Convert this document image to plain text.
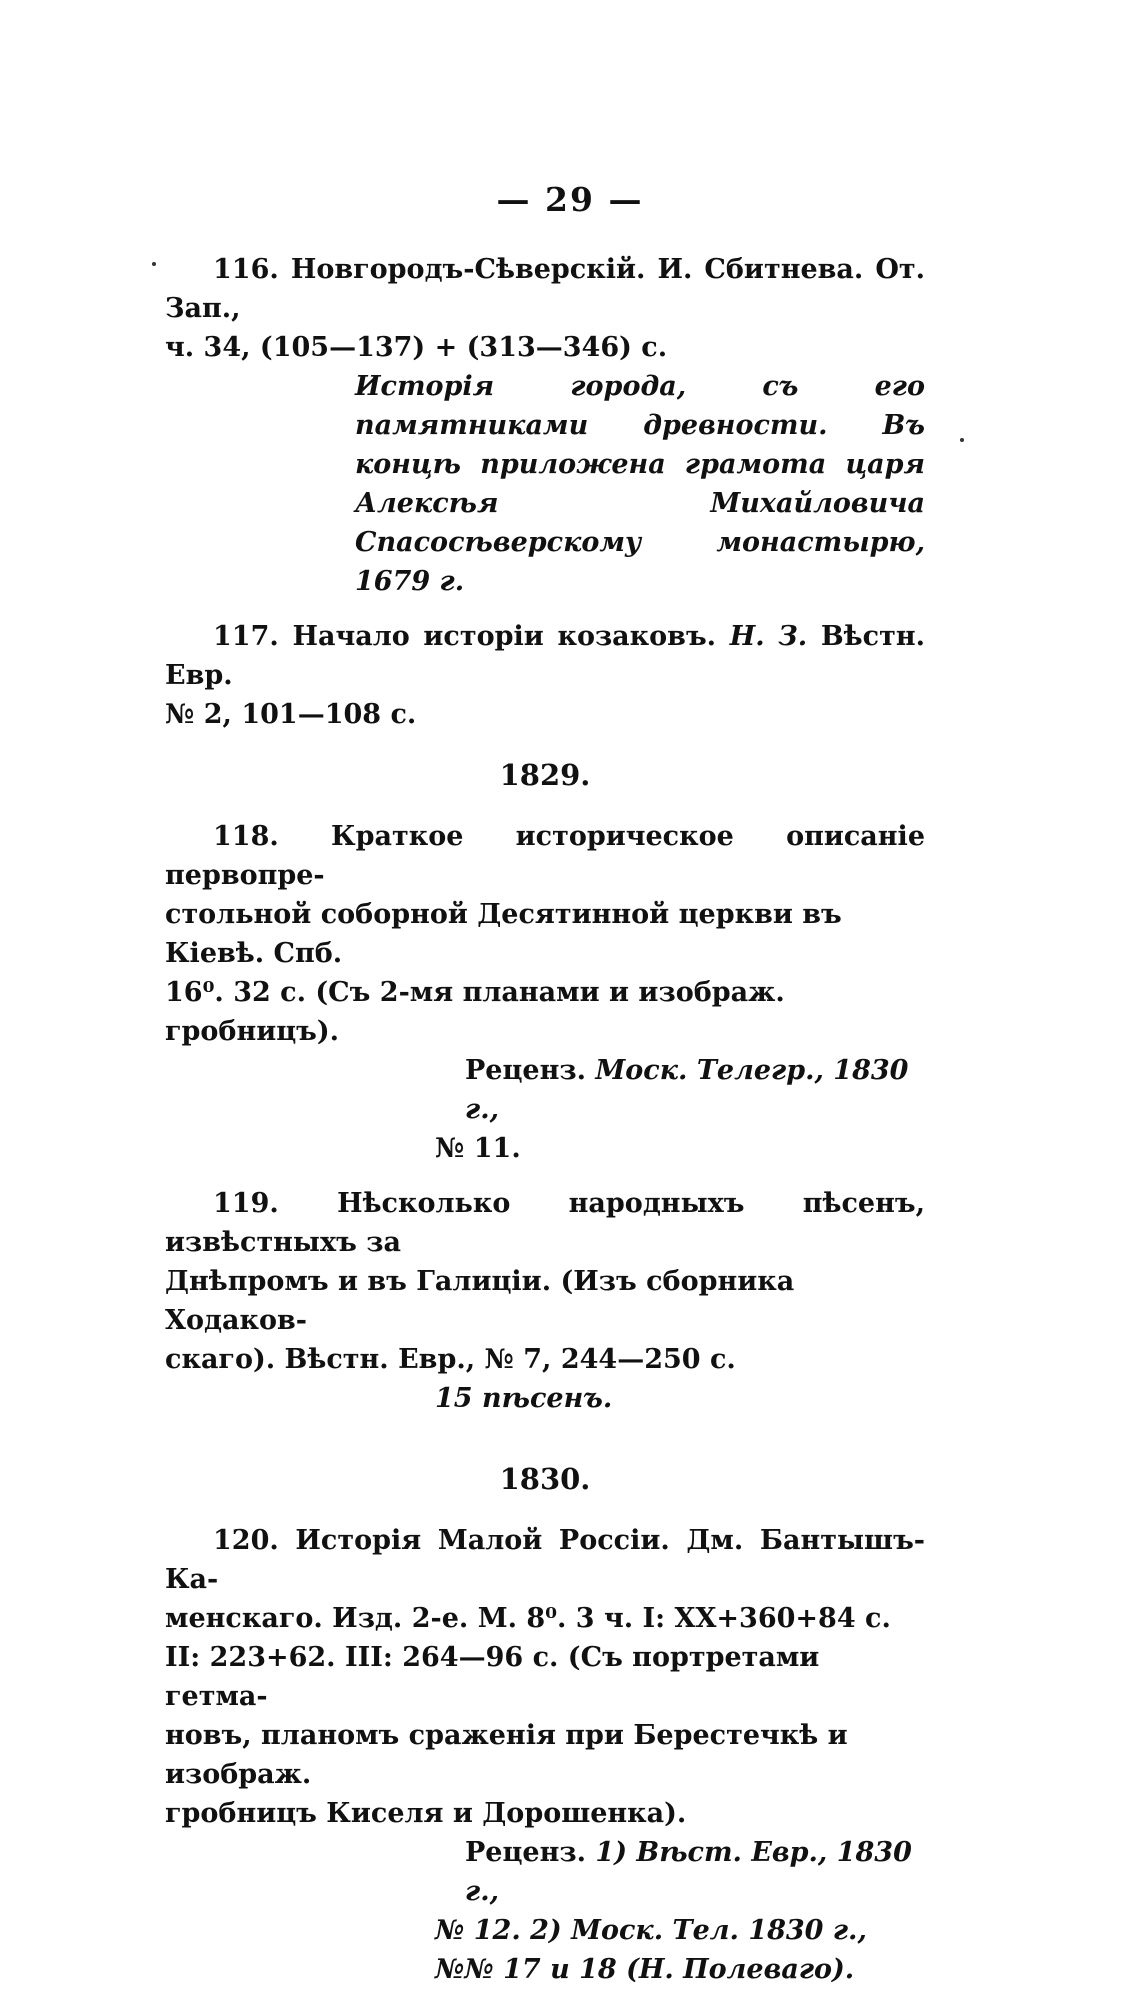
— 29 —
116. Новгородъ-Сѣверскій. И. Сбитнева. От. Зап.,
ч. 34, (105—137) + (313—346) с.
Исторія города, съ его памятниками древности. Въ концѣ приложена грамота царя Алексѣя Михайловича Спасосѣверскому монастырю, 1679 г.
117. Начало исторіи козаковъ. Н. З. Вѣстн. Евр.
№ 2, 101—108 с.
1829.
118. Краткое историческое описаніе первопре-
стольной соборной Десятинной церкви въ Кіевѣ. Спб.
16⁰. 32 с. (Съ 2-мя планами и изображ. гробницъ).
Реценз. Моск. Телегр., 1830 г.,
№ 11.
119. Нѣсколько народныхъ пѣсенъ, извѣстныхъ за
Днѣпромъ и въ Галиціи. (Изъ сборника Ходаков-
скаго). Вѣстн. Евр., № 7, 244—250 с.
15 пѣсенъ.
1830.
120. Исторія Малой Россіи. Дм. Бантышъ-Ка-
менскаго. Изд. 2-е. М. 8⁰. 3 ч. I: XX+360+84 с.
II: 223+62. III: 264—96 с. (Съ портретами гетма-
новъ, планомъ сраженія при Берестечкѣ и изображ.
гробницъ Киселя и Дорошенка).
Реценз. 1) Вѣст. Евр., 1830 г.,
№ 12. 2) Моск. Тел. 1830 г.,
№№ 17 и 18 (Н. Полеваго).
